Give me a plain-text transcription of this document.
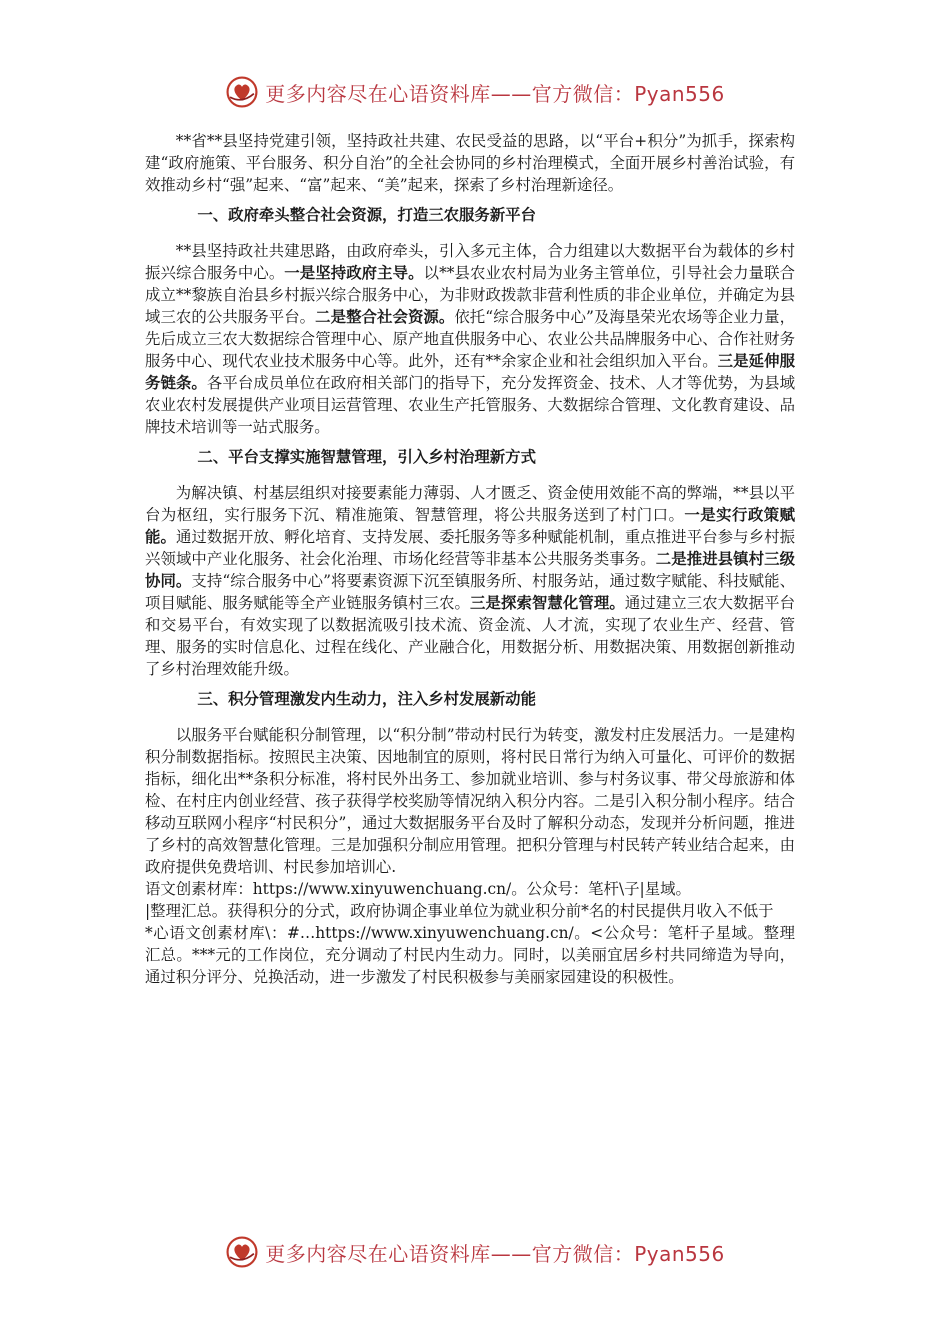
更多内容尽在心语资料库——官方微信：Pyan556

**省**县坚持党建引领，坚持政社共建、农民受益的思路，以“平台+积分”为抓手，探索构建“政府施策、平台服务、积分自治”的全社会协同的乡村治理模式，全面开展乡村善治试验，有效推动乡村“强”起来、“富”起来、“美”起来，探索了乡村治理新途径。

一、政府牵头整合社会资源，打造三农服务新平台

**县坚持政社共建思路，由政府牵头，引入多元主体，合力组建以大数据平台为载体的乡村振兴综合服务中心。一是坚持政府主导。以**县农业农村局为业务主管单位，引导社会力量联合成立**黎族自治县乡村振兴综合服务中心，为非财政拨款非营利性质的非企业单位，并确定为县域三农的公共服务平台。二是整合社会资源。依托“综合服务中心”及海垦荣光农场等企业力量，先后成立三农大数据综合管理中心、原产地直供服务中心、农业公共品牌服务中心、合作社财务服务中心、现代农业技术服务中心等。此外，还有**余家企业和社会组织加入平台。三是延伸服务链条。各平台成员单位在政府相关部门的指导下，充分发挥资金、技术、人才等优势，为县域农业农村发展提供产业项目运营管理、农业生产托管服务、大数据综合管理、文化教育建设、品牌技术培训等一站式服务。

二、平台支撑实施智慧管理，引入乡村治理新方式

为解决镇、村基层组织对接要素能力薄弱、人才匮乏、资金使用效能不高的弊端，**县以平台为枢纽，实行服务下沉、精准施策、智慧管理，将公共服务送到了村门口。一是实行政策赋能。通过数据开放、孵化培育、支持发展、委托服务等多种赋能机制，重点推进平台参与乡村振兴领域中产业化服务、社会化治理、市场化经营等非基本公共服务类事务。二是推进县镇村三级协同。支持“综合服务中心”将要素资源下沉至镇服务所、村服务站，通过数字赋能、科技赋能、项目赋能、服务赋能等全产业链服务镇村三农。三是探索智慧化管理。通过建立三农大数据平台和交易平台，有效实现了以数据流吸引技术流、资金流、人才流，实现了农业生产、经营、管理、服务的实时信息化、过程在线化、产业融合化，用数据分析、用数据决策、用数据创新推动了乡村治理效能升级。

三、积分管理激发内生动力，注入乡村发展新动能

以服务平台赋能积分制管理，以“积分制”带动村民行为转变，激发村庄发展活力。一是建构积分制数据指标。按照民主决策、因地制宜的原则，将村民日常行为纳入可量化、可评价的数据指标，细化出**条积分标准，将村民外出务工、参加就业培训、参与村务议事、带父母旅游和体检、在村庄内创业经营、孩子获得学校奖励等情况纳入积分内容。二是引入积分制小程序。结合移动互联网小程序“村民积分”，通过大数据服务平台及时了解积分动态，发现并分析问题，推进了乡村的高效智慧化管理。三是加强积分制应用管理。把积分管理与村民转产转业结合起来，由政府提供免费培训、村民参加培训心.

语文创素材库：https://www.xinyuwenchuang.cn/。公众号：笔杆\子|星域。

|整理汇总。获得积分的分式，政府协调企事业单位为就业积分前*名的村民提供月收入不低于

*心语文创素材库\：#…https://www.xinyuwenchuang.cn/。<公众号：笔杆子星域。整理汇总。***元的工作岗位，充分调动了村民内生动力。同时，以美丽宜居乡村共同缔造为导向，通过积分评分、兑换活动，进一步激发了村民积极参与美丽家园建设的积极性。

更多内容尽在心语资料库——官方微信：Pyan556
